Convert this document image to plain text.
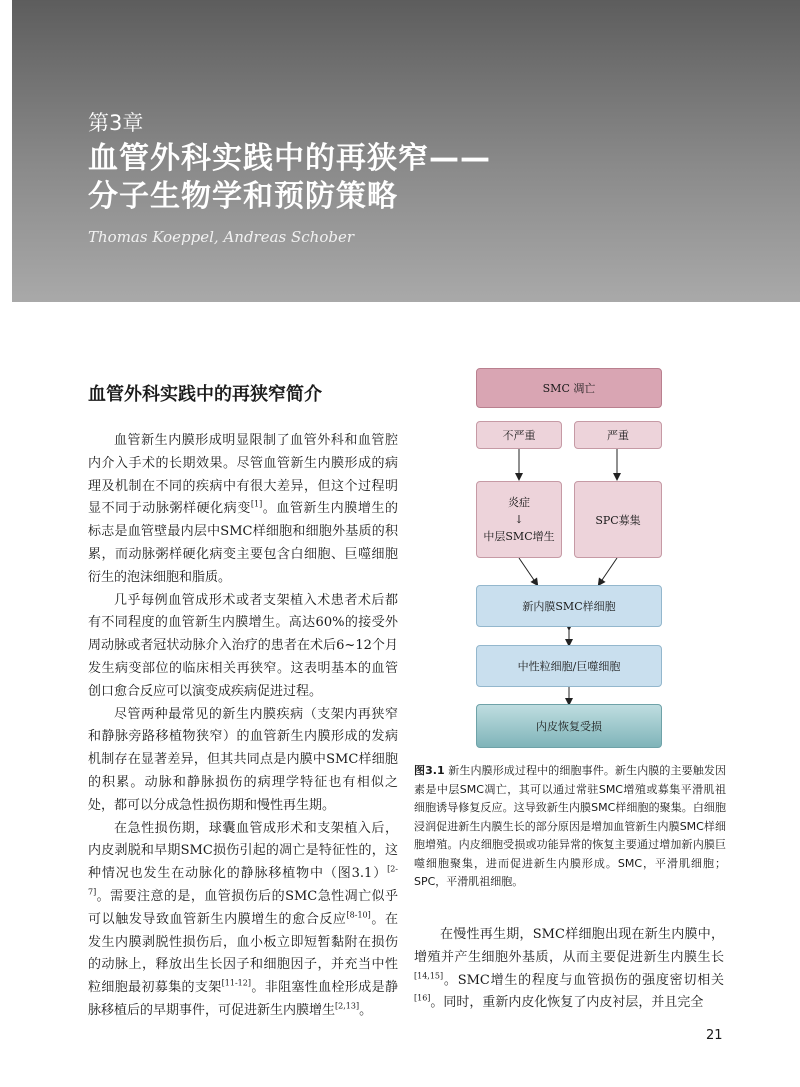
第3章
血管外科实践中的再狭窄——
分子生物学和预防策略
Thomas Koeppel, Andreas Schober
血管外科实践中的再狭窄简介

血管新生内膜形成明显限制了血管外科和血管腔内介入手术的长期效果。尽管血管新生内膜形成的病理及机制在不同的疾病中有很大差异，但这个过程明显不同于动脉粥样硬化病变[1]。血管新生内膜增生的标志是血管壁最内层中SMC样细胞和细胞外基质的积累，而动脉粥样硬化病变主要包含白细胞、巨噬细胞衍生的泡沫细胞和脂质。

几乎每例血管成形术或者支架植入术患者术后都有不同程度的血管新生内膜增生。高达60%的接受外周动脉或者冠状动脉介入治疗的患者在术后6~12个月发生病变部位的临床相关再狭窄。这表明基本的血管创口愈合反应可以演变成疾病促进过程。

尽管两种最常见的新生内膜疾病（支架内再狭窄和静脉旁路移植物狭窄）的血管新生内膜形成的发病机制存在显著差异，但其共同点是内膜中SMC样细胞的积累。动脉和静脉损伤的病理学特征也有相似之处，都可以分成急性损伤期和慢性再生期。

在急性损伤期，球囊血管成形术和支架植入后，内皮剥脱和早期SMC损伤引起的凋亡是特征性的，这种情况也发生在动脉化的静脉移植物中（图3.1）[2-7]。需要注意的是，血管损伤后的SMC急性凋亡似乎可以触发导致血管新生内膜增生的愈合反应[8-10]。在发生内膜剥脱性损伤后，血小板立即短暂黏附在损伤的动脉上，释放出生长因子和细胞因子，并充当中性粒细胞最初募集的支架[11-12]。非阻塞性血栓形成是静脉移植后的早期事件，可促进新生内膜增生[2,13]。

SMC 凋亡
不严重	严重
炎症
↓
中层SMC增生
SPC募集
新内膜SMC样细胞
中性粒细胞/巨噬细胞
内皮恢复受损
图3.1 新生内膜形成过程中的细胞事件。新生内膜的主要触发因素是中层SMC凋亡，其可以通过常驻SMC增殖或募集平滑肌祖细胞诱导修复反应。这导致新生内膜SMC样细胞的聚集。白细胞浸润促进新生内膜生长的部分原因是增加血管新生内膜SMC样细胞增殖。内皮细胞受损或功能异常的恢复主要通过增加新内膜巨噬细胞聚集，进而促进新生内膜形成。SMC，平滑肌细胞；SPC，平滑肌祖细胞。

在慢性再生期，SMC样细胞出现在新生内膜中，增殖并产生细胞外基质，从而主要促进新生内膜生长[14,15]。SMC增生的程度与血管损伤的强度密切相关[16]。同时，重新内皮化恢复了内皮衬层，并且完全

21
